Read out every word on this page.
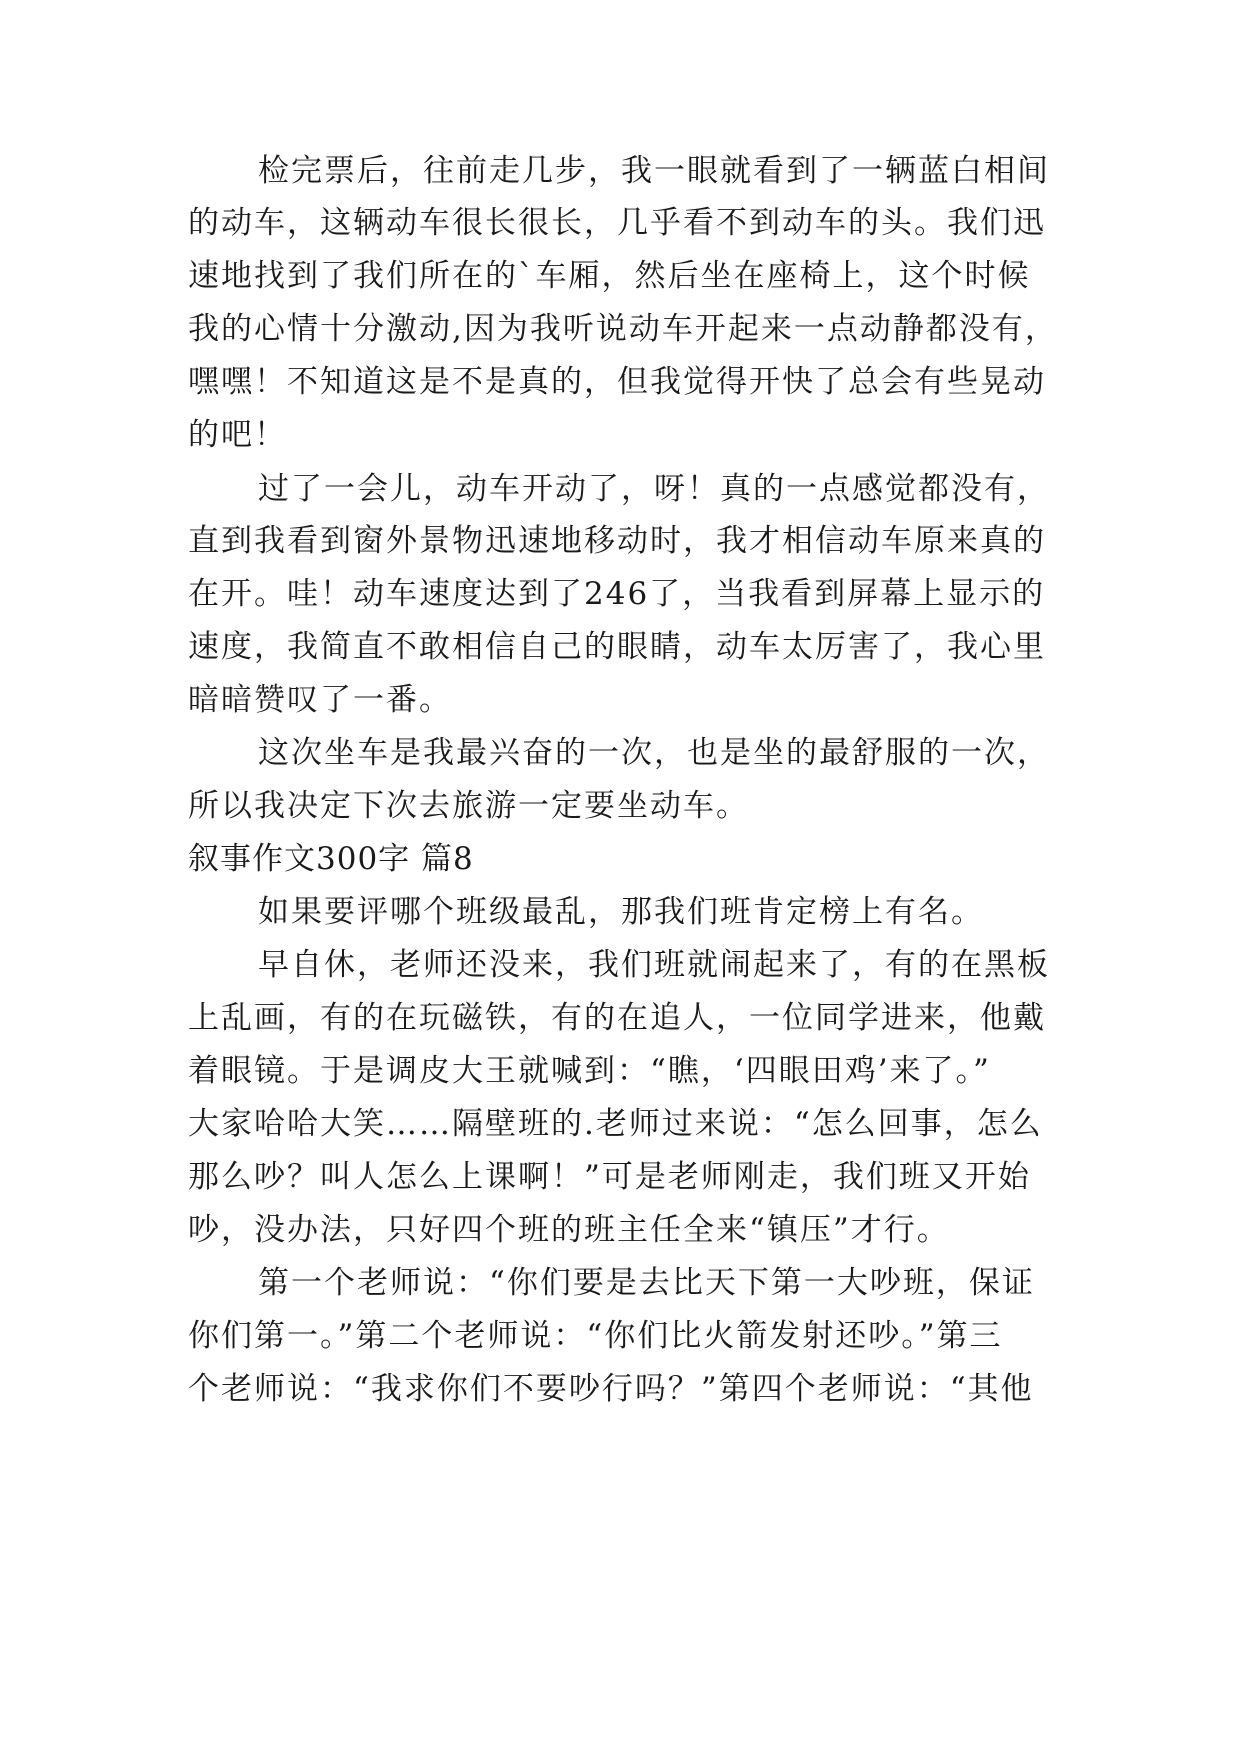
检完票后，往前走几步，我一眼就看到了一辆蓝白相间
的动车，这辆动车很长很长，几乎看不到动车的头。我们迅
速地找到了我们所在的`车厢，然后坐在座椅上，这个时候
我的心情十分激动,因为我听说动车开起来一点动静都没有，
嘿嘿！不知道这是不是真的，但我觉得开快了总会有些晃动
的吧！
过了一会儿，动车开动了，呀！真的一点感觉都没有，
直到我看到窗外景物迅速地移动时，我才相信动车原来真的
在开。哇！动车速度达到了246了，当我看到屏幕上显示的
速度，我简直不敢相信自己的眼睛，动车太厉害了，我心里
暗暗赞叹了一番。
这次坐车是我最兴奋的一次，也是坐的最舒服的一次，
所以我决定下次去旅游一定要坐动车。
叙事作文300字 篇8
如果要评哪个班级最乱，那我们班肯定榜上有名。
早自休，老师还没来，我们班就闹起来了，有的在黑板
上乱画，有的在玩磁铁，有的在追人，一位同学进来，他戴
着眼镜。于是调皮大王就喊到：“瞧，‘四眼田鸡’来了。”
大家哈哈大笑……隔壁班的.老师过来说：“怎么回事，怎么
那么吵？叫人怎么上课啊！”可是老师刚走，我们班又开始
吵，没办法，只好四个班的班主任全来“镇压”才行。
第一个老师说：“你们要是去比天下第一大吵班，保证
你们第一。”第二个老师说：“你们比火箭发射还吵。”第三
个老师说：“我求你们不要吵行吗？”第四个老师说：“其他
